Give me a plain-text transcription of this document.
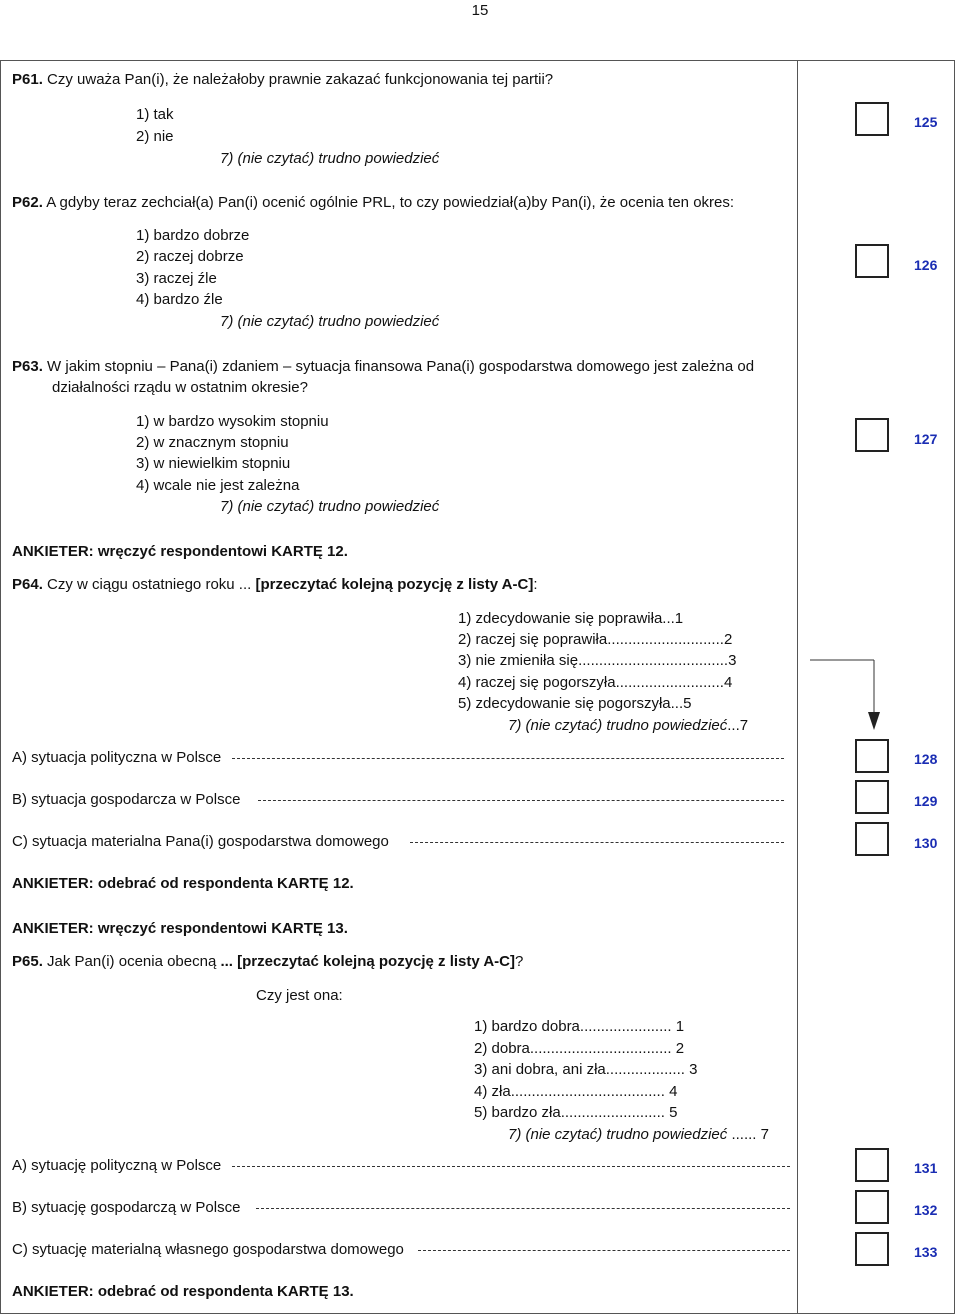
15
P61. Czy uważa Pan(i), że należałoby prawnie zakazać funkcjonowania tej partii?
1) tak
2) nie
7) (nie czytać) trudno powiedzieć
125
P62. A gdyby teraz zechciał(a) Pan(i) ocenić ogólnie PRL, to czy powiedział(a)by Pan(i), że ocenia ten okres:
1) bardzo dobrze
2) raczej dobrze
3) raczej źle
4) bardzo źle
7) (nie czytać) trudno powiedzieć
126
P63. W jakim stopniu – Pana(i) zdaniem – sytuacja finansowa Pana(i) gospodarstwa domowego jest zależna od
działalności rządu w ostatnim okresie?
1) w bardzo wysokim stopniu
2) w znacznym stopniu
3) w niewielkim stopniu
4) wcale nie jest zależna
7) (nie czytać) trudno powiedzieć
127
ANKIETER: wręczyć respondentowi KARTĘ 12.
P64. Czy w ciągu ostatniego roku ... [przeczytać kolejną pozycję z listy A-C]:
1) zdecydowanie się poprawiła...1
2) raczej się poprawiła............................2
3) nie zmieniła się....................................3
4) raczej się pogorszyła..........................4
5) zdecydowanie się pogorszyła...5
7) (nie czytać) trudno powiedzieć...7
A) sytuacja polityczna w Polsce	128
B) sytuacja gospodarcza w Polsce	129
C) sytuacja materialna Pana(i) gospodarstwa domowego	130
ANKIETER: odebrać od respondenta KARTĘ 12.
ANKIETER: wręczyć respondentowi KARTĘ 13.
P65. Jak Pan(i) ocenia obecną ... [przeczytać kolejną pozycję z listy A-C]?
Czy jest ona:
1) bardzo dobra...................... 1
2) dobra.................................. 2
3) ani dobra, ani zła................... 3
4) zła..................................... 4
5) bardzo zła......................... 5
7) (nie czytać) trudno powiedzieć ...... 7
A) sytuację polityczną w Polsce	131
B) sytuację gospodarczą w Polsce	132
C) sytuację materialną własnego gospodarstwa domowego	133
ANKIETER: odebrać od respondenta KARTĘ 13.
